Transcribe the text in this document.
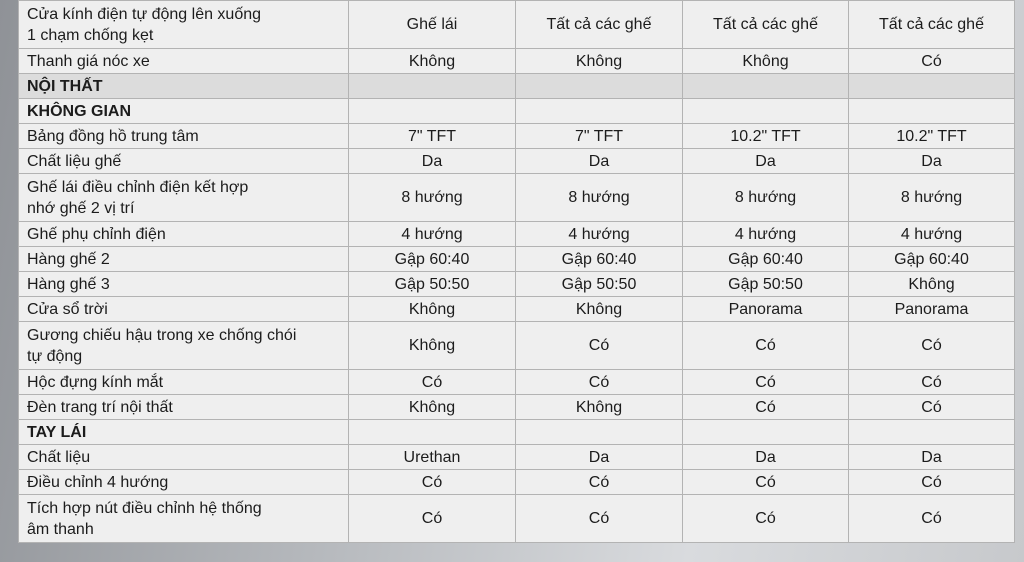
Cửa kính điện tự động lên xuống
1 chạm chống kẹt	Ghế lái	Tất cả các ghế	Tất cả các ghế	Tất cả các ghế
Thanh giá nóc xe	Không	Không	Không	Có
NỘI THẤT				
KHÔNG GIAN				
Bảng đồng hồ trung tâm	7" TFT	7" TFT	10.2" TFT	10.2" TFT
Chất liệu ghế	Da	Da	Da	Da
Ghế lái điều chỉnh điện kết hợp
nhớ ghế 2 vị trí	8 hướng	8 hướng	8 hướng	8 hướng
Ghế phụ chỉnh điện	4 hướng	4 hướng	4 hướng	4 hướng
Hàng ghế 2	Gập 60:40	Gập 60:40	Gập 60:40	Gập 60:40
Hàng ghế 3	Gập 50:50	Gập 50:50	Gập 50:50	Không
Cửa sổ trời	Không	Không	Panorama	Panorama
Gương chiếu hậu trong xe chống chói
tự động	Không	Có	Có	Có
Hộc đựng kính mắt	Có	Có	Có	Có
Đèn trang trí nội thất	Không	Không	Có	Có
TAY LÁI				
Chất liệu	Urethan	Da	Da	Da
Điều chỉnh 4 hướng	Có	Có	Có	Có
Tích hợp nút điều chỉnh hệ thống
âm thanh	Có	Có	Có	Có
